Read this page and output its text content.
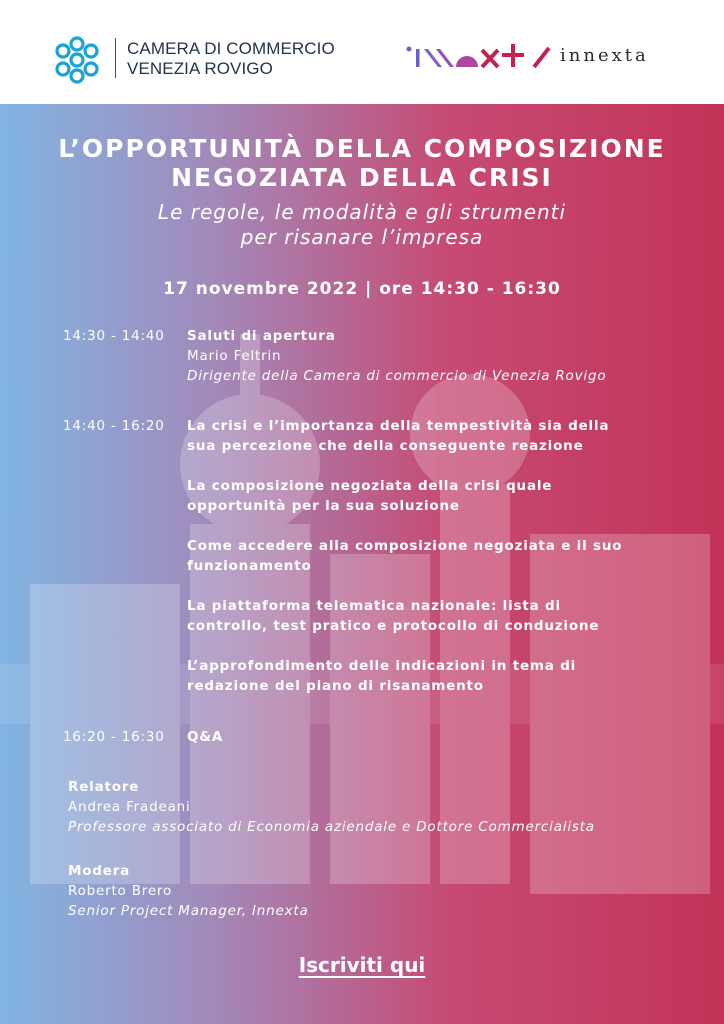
CAMERA DI COMMERCIO
VENEZIA ROVIGO
innexta
L’OPPORTUNITÀ DELLA COMPOSIZIONE
NEGOZIATA DELLA CRISI
Le regole, le modalità e gli strumenti
per risanare l’impresa
17 novembre 2022 | ore 14:30 - 16:30
14:30 - 14:40	Saluti di apertura
Mario Feltrin
Dirigente della Camera di commercio di Venezia Rovigo
14:40 - 16:20	La crisi e l’importanza della tempestività sia della
sua percezione che della conseguente reazione
La composizione negoziata della crisi quale
opportunità per la sua soluzione
Come accedere alla composizione negoziata e il suo
funzionamento
La piattaforma telematica nazionale: lista di
controllo, test pratico e protocollo di conduzione
L’approfondimento delle indicazioni in tema di
redazione del piano di risanamento
16:20 - 16:30	Q&A
Relatore
Andrea Fradeani
Professore associato di Economia aziendale e Dottore Commercialista
Modera
Roberto Brero
Senior Project Manager, Innexta
Iscriviti qui
